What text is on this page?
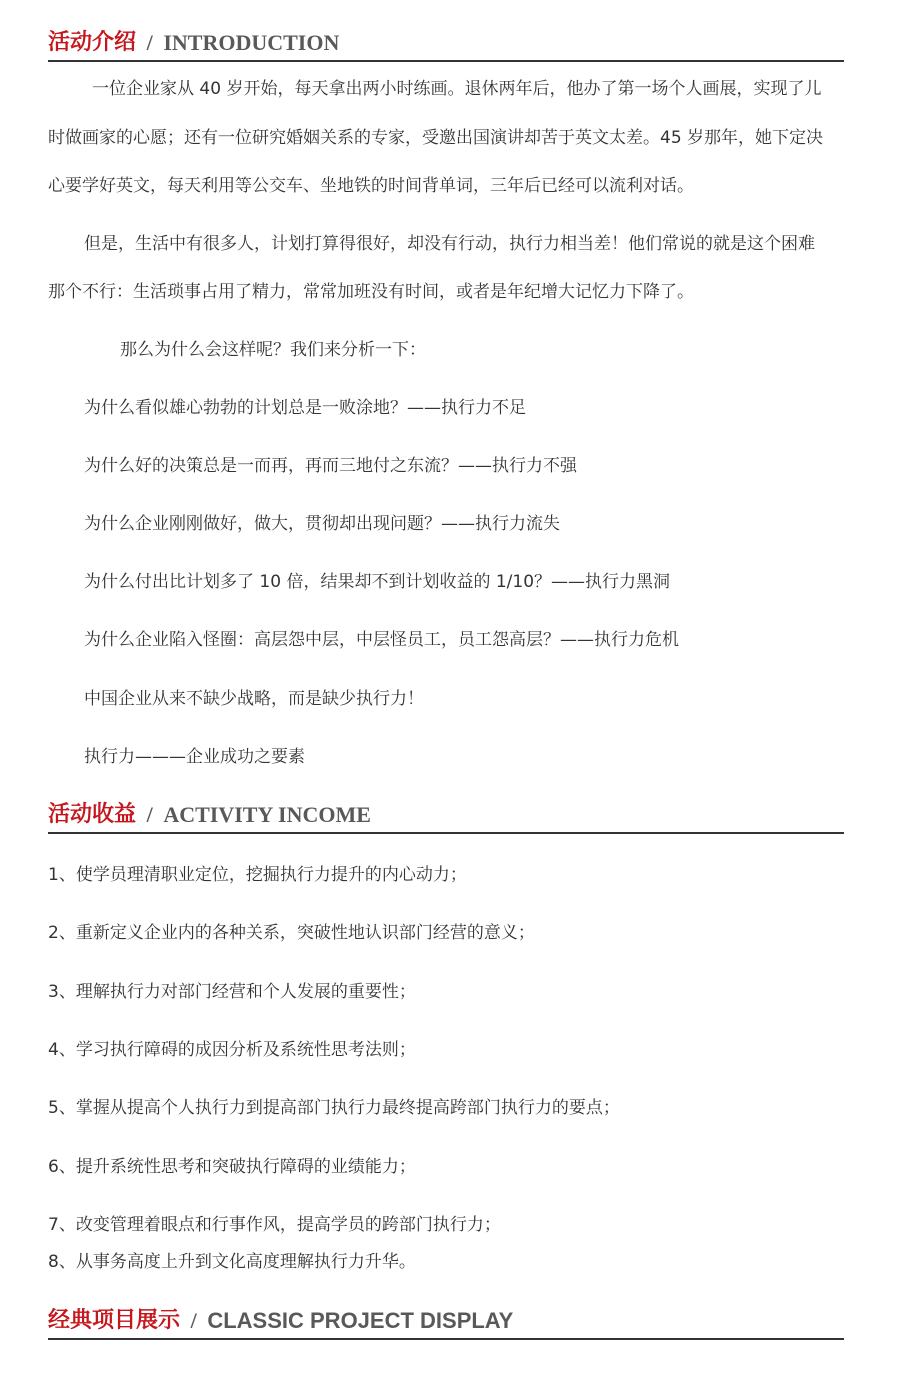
活动介绍  /  INTRODUCTION
一位企业家从 40 岁开始，每天拿出两小时练画。退休两年后，他办了第一场个人画展，实现了儿
时做画家的心愿；还有一位研究婚姻关系的专家，受邀出国演讲却苦于英文太差。45 岁那年，她下定决
心要学好英文，每天利用等公交车、坐地铁的时间背单词，三年后已经可以流利对话。
但是，生活中有很多人，计划打算得很好，却没有行动，执行力相当差！他们常说的就是这个困难
那个不行：生活琐事占用了精力，常常加班没有时间，或者是年纪增大记忆力下降了。
那么为什么会这样呢？我们来分析一下：
为什么看似雄心勃勃的计划总是一败涂地？——执行力不足
为什么好的决策总是一而再，再而三地付之东流？——执行力不强
为什么企业刚刚做好，做大，贯彻却出现问题？——执行力流失
为什么付出比计划多了 10 倍，结果却不到计划收益的 1/10？——执行力黑洞
为什么企业陷入怪圈：高层怨中层，中层怪员工，员工怨高层？——执行力危机
中国企业从来不缺少战略，而是缺少执行力！
执行力———企业成功之要素
活动收益  /  ACTIVITY INCOME
1、使学员理清职业定位，挖掘执行力提升的内心动力；
2、重新定义企业内的各种关系，突破性地认识部门经营的意义；
3、理解执行力对部门经营和个人发展的重要性；
4、学习执行障碍的成因分析及系统性思考法则；
5、掌握从提高个人执行力到提高部门执行力最终提高跨部门执行力的要点；
6、提升系统性思考和突破执行障碍的业绩能力；
7、改变管理着眼点和行事作风，提高学员的跨部门执行力；
8、从事务高度上升到文化高度理解执行力升华。
经典项目展示  /  CLASSIC PROJECT DISPLAY
